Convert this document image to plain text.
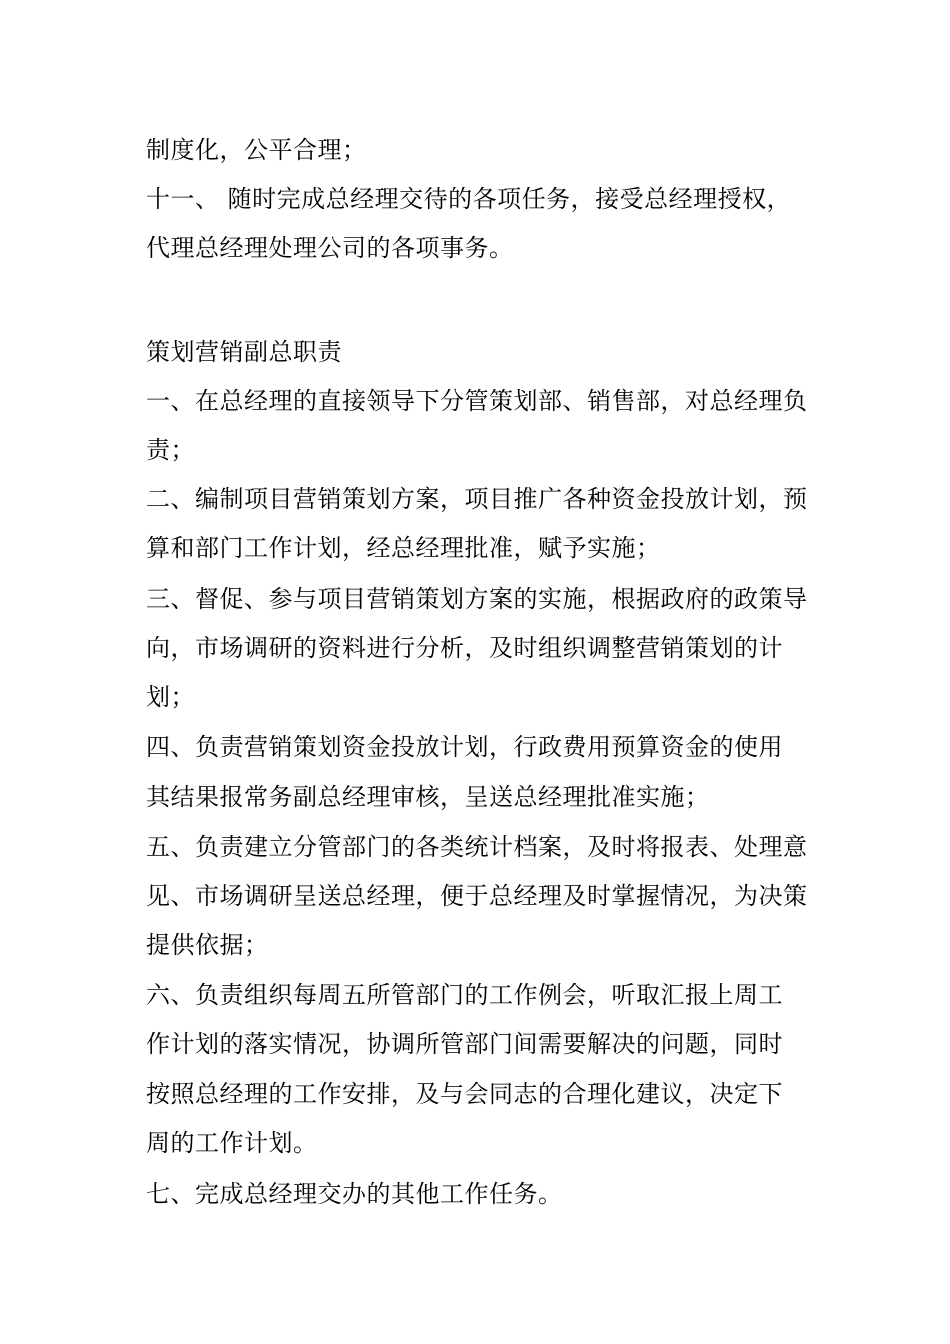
制度化，公平合理；
十一、 随时完成总经理交待的各项任务，接受总经理授权，
代理总经理处理公司的各项事务。
策划营销副总职责
一、在总经理的直接领导下分管策划部、销售部，对总经理负
责；
二、编制项目营销策划方案，项目推广各种资金投放计划，预
算和部门工作计划，经总经理批准，赋予实施；
三、督促、参与项目营销策划方案的实施，根据政府的政策导
向，市场调研的资料进行分析，及时组织调整营销策划的计
划；
四、负责营销策划资金投放计划，行政费用预算资金的使用
其结果报常务副总经理审核，呈送总经理批准实施；
五、负责建立分管部门的各类统计档案，及时将报表、处理意
见、市场调研呈送总经理，便于总经理及时掌握情况，为决策
提供依据；
六、负责组织每周五所管部门的工作例会，听取汇报上周工
作计划的落实情况，协调所管部门间需要解决的问题，同时
按照总经理的工作安排，及与会同志的合理化建议，决定下
周的工作计划。
七、完成总经理交办的其他工作任务。
